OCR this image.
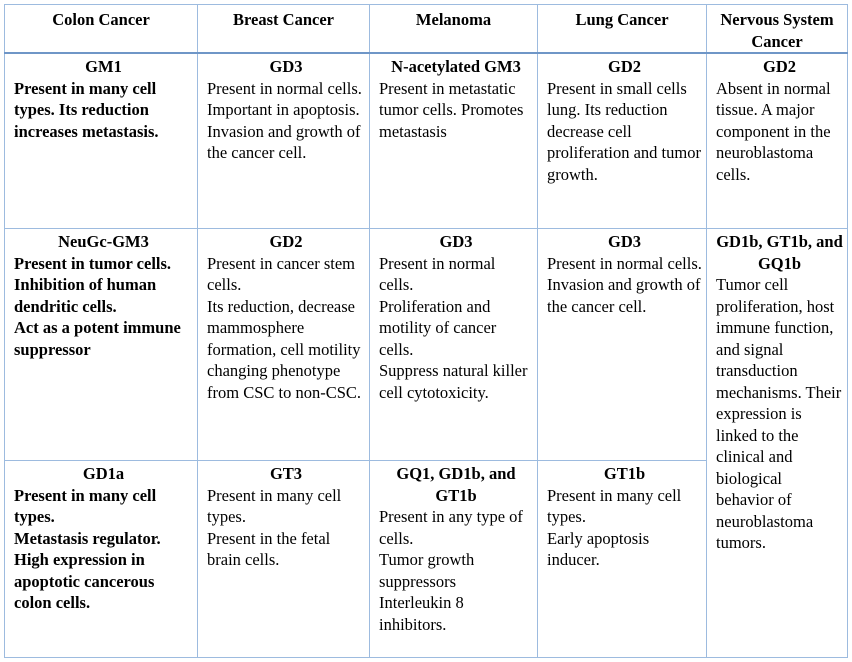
Colon Cancer	Breast Cancer	Melanoma	Lung Cancer	Nervous System Cancer

GM1
Present in many cell types. Its reduction increases metastasis.	GD3
Present in normal cells.
Important in apoptosis.
Invasion and growth of the cancer cell.	N-acetylated GM3
Present in metastatic tumor cells. Promotes metastasis	GD2
Present in small cells lung. Its reduction decrease cell proliferation and tumor growth.	GD2
Absent in normal tissue. A major component in the neuroblastoma cells.

NeuGc-GM3
Present in tumor cells.
Inhibition of human dendritic cells.
Act as a potent immune suppressor	GD2
Present in cancer stem cells.
Its reduction, decrease mammosphere formation, cell motility changing phenotype from CSC to non-CSC.	GD3
Present in normal cells.
Proliferation and motility of cancer cells.
Suppress natural killer cell cytotoxicity.	GD3
Present in normal cells.
Invasion and growth of the cancer cell.	GD1b, GT1b, and GQ1b
Tumor cell proliferation, host immune function, and signal transduction mechanisms. Their expression is linked to the clinical and biological behavior of neuroblastoma tumors.

GD1a
Present in many cell types.
Metastasis regulator.
High expression in apoptotic cancerous colon cells.	GT3
Present in many cell types.
Present in the fetal brain cells.	GQ1, GD1b, and GT1b
Present in any type of cells.
Tumor growth suppressors
Interleukin 8 inhibitors.	GT1b
Present in many cell types.
Early apoptosis inducer.	
